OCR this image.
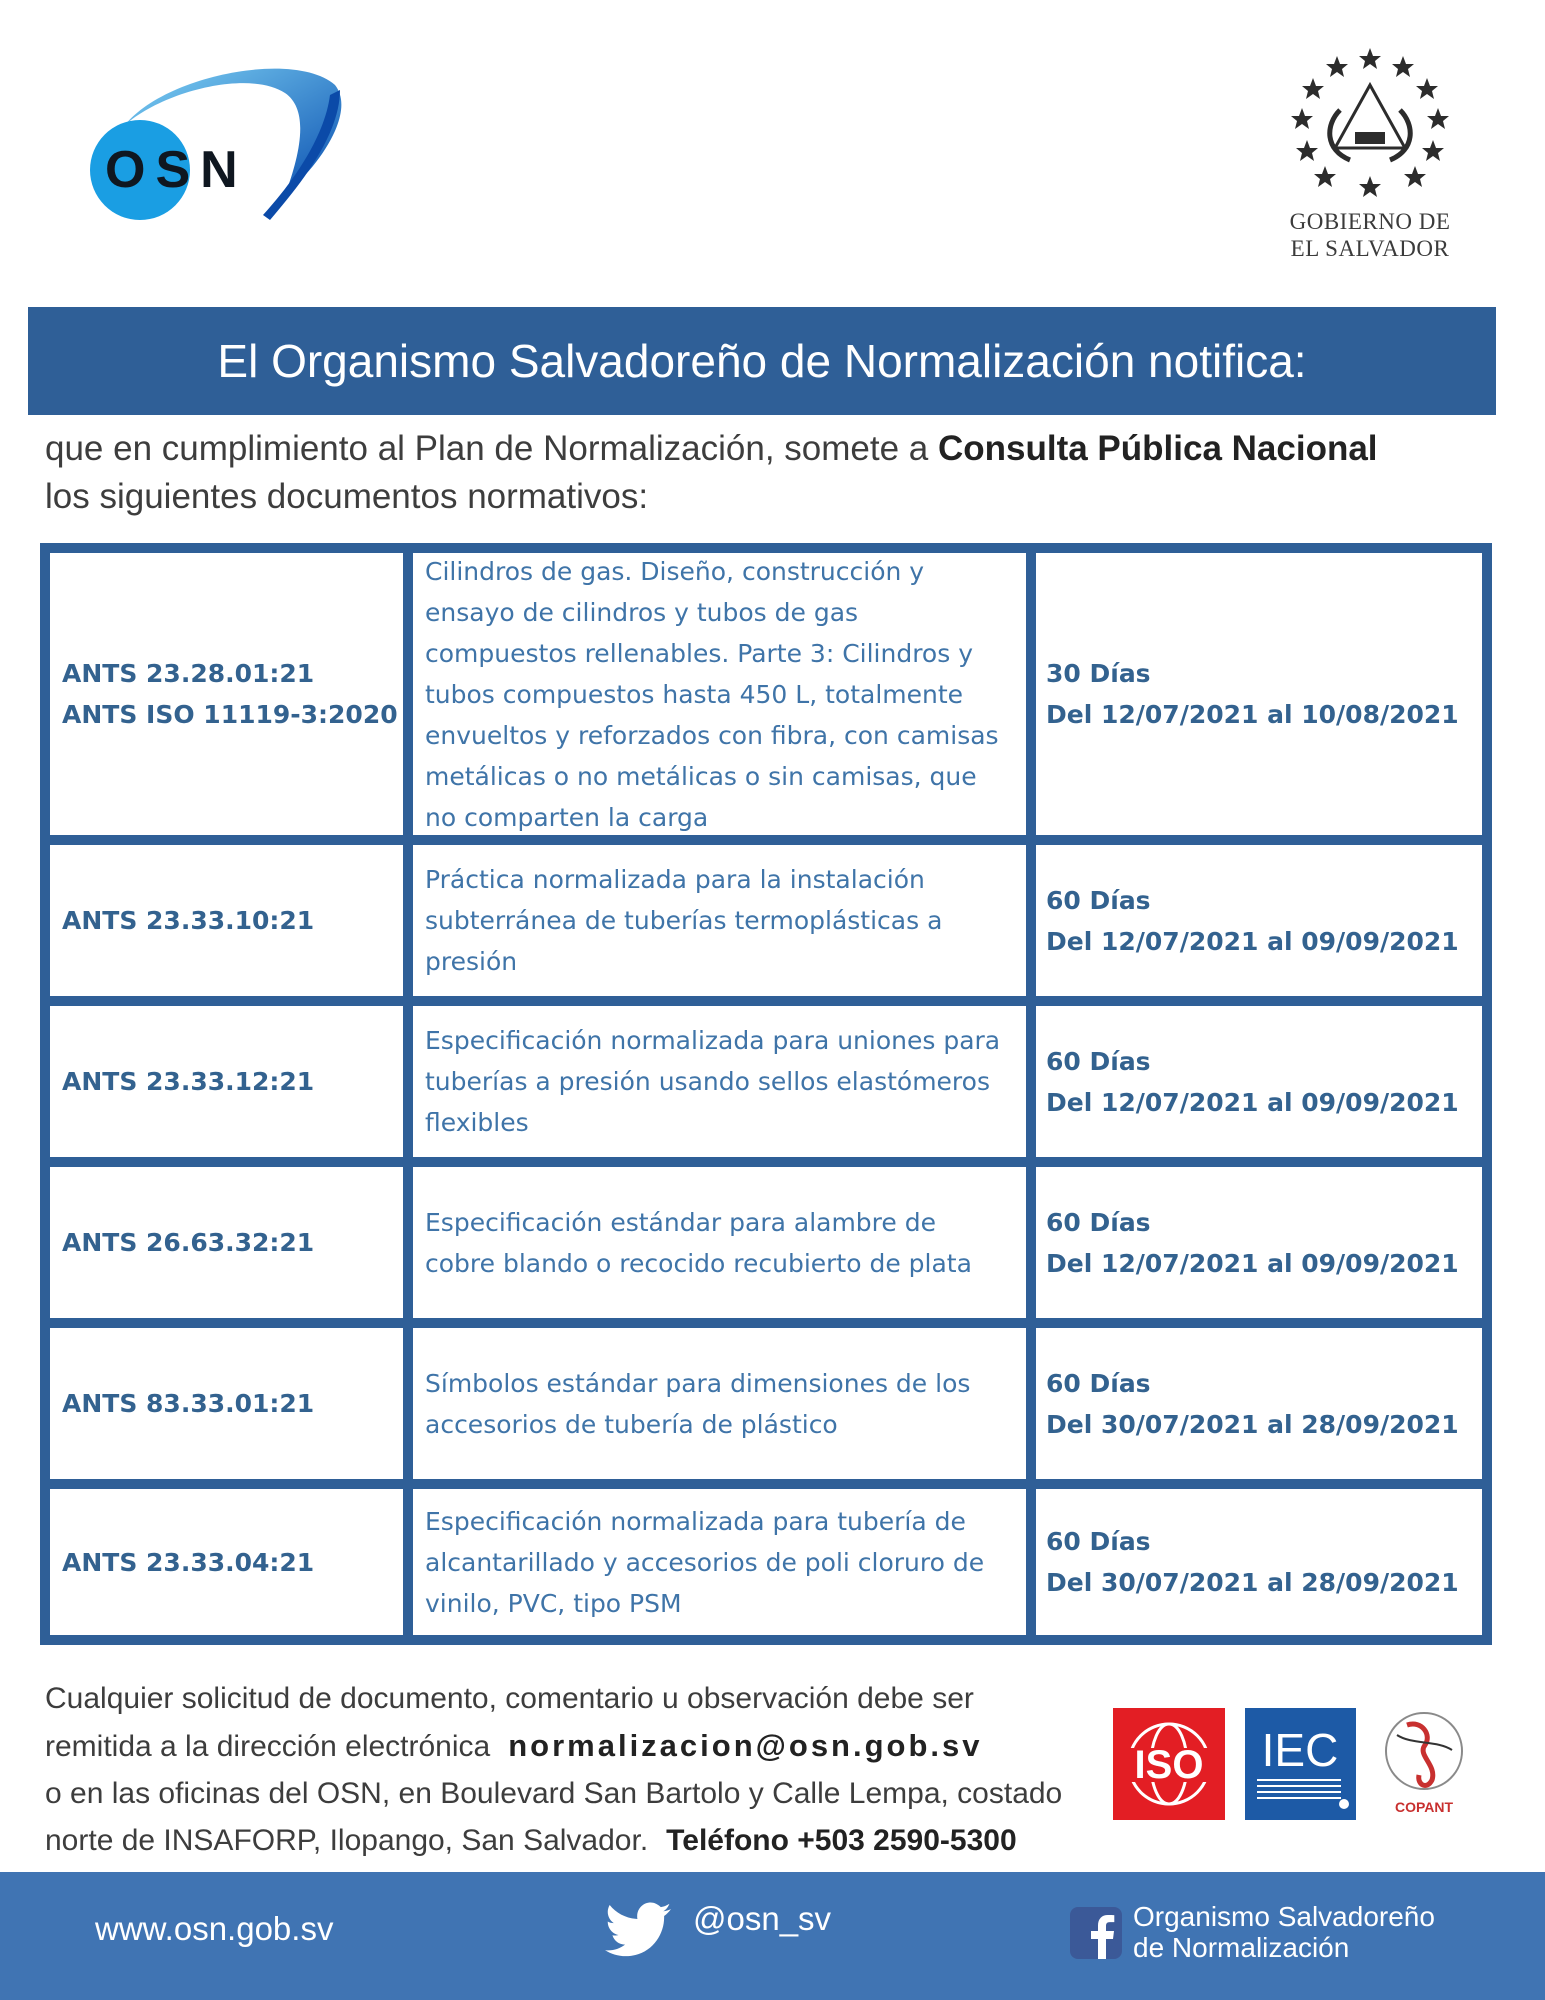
OSN
GOBIERNO DE
EL SALVADOR
El Organismo Salvadoreño de Normalización notifica:
que en cumplimiento al Plan de Normalización, somete a Consulta Pública Nacional
los siguientes documentos normativos:
ANTS 23.28.01:21
ANTS ISO 11119-3:2020
Cilindros de gas. Diseño, construcción y ensayo de cilindros y tubos de gas compuestos rellenables. Parte 3: Cilindros y tubos compuestos hasta 450 L, totalmente envueltos y reforzados con fibra, con camisas metálicas o no metálicas o sin camisas, que no comparten la carga
30 Días
Del 12/07/2021 al 10/08/2021
ANTS 23.33.10:21
Práctica normalizada para la instalación subterránea de tuberías termoplásticas a presión
60 Días
Del 12/07/2021 al 09/09/2021
ANTS 23.33.12:21
Especificación normalizada para uniones para tuberías a presión usando sellos elastómeros flexibles
60 Días
Del 12/07/2021 al 09/09/2021
ANTS 26.63.32:21
Especificación estándar para alambre de cobre blando o recocido recubierto de plata
60 Días
Del 12/07/2021 al 09/09/2021
ANTS 83.33.01:21
Símbolos estándar para dimensiones de los accesorios de tubería de plástico
60 Días
Del 30/07/2021 al 28/09/2021
ANTS 23.33.04:21
Especificación normalizada para tubería de alcantarillado y accesorios de poli cloruro de vinilo, PVC, tipo PSM
60 Días
Del 30/07/2021 al 28/09/2021
Cualquier solicitud de documento, comentario u observación debe ser
remitida a la dirección electrónica normalizacion@osn.gob.sv
o en las oficinas del OSN, en Boulevard San Bartolo y Calle Lempa, costado
norte de INSAFORP, Ilopango, San Salvador. Teléfono +503 2590-5300
ISO IEC
COPANT
www.osn.gob.sv	@osn_sv	Organismo Salvadoreño
de Normalización
